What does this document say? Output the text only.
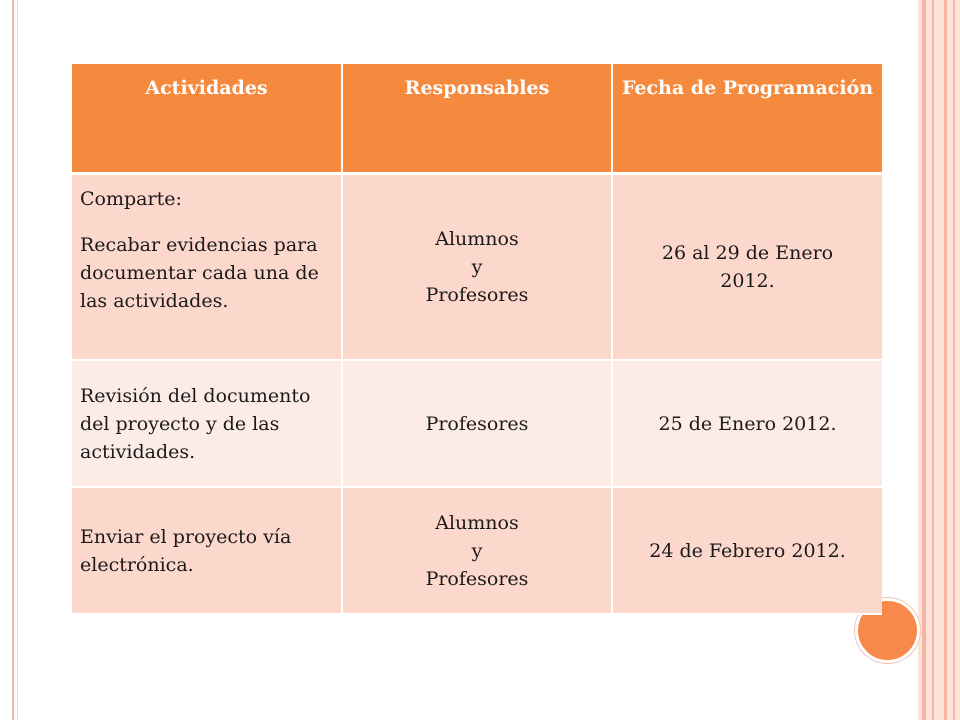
Actividades	Responsables	Fecha de Programación

Comparte:
Recabar evidencias para documentar cada una de las actividades.	Alumnos
y
Profesores	26 al 29 de Enero 2012.
Revisión del documento del proyecto y de las actividades.	Profesores	25 de Enero 2012.
Enviar el proyecto vía electrónica.	Alumnos
y
Profesores	24 de Febrero 2012.
